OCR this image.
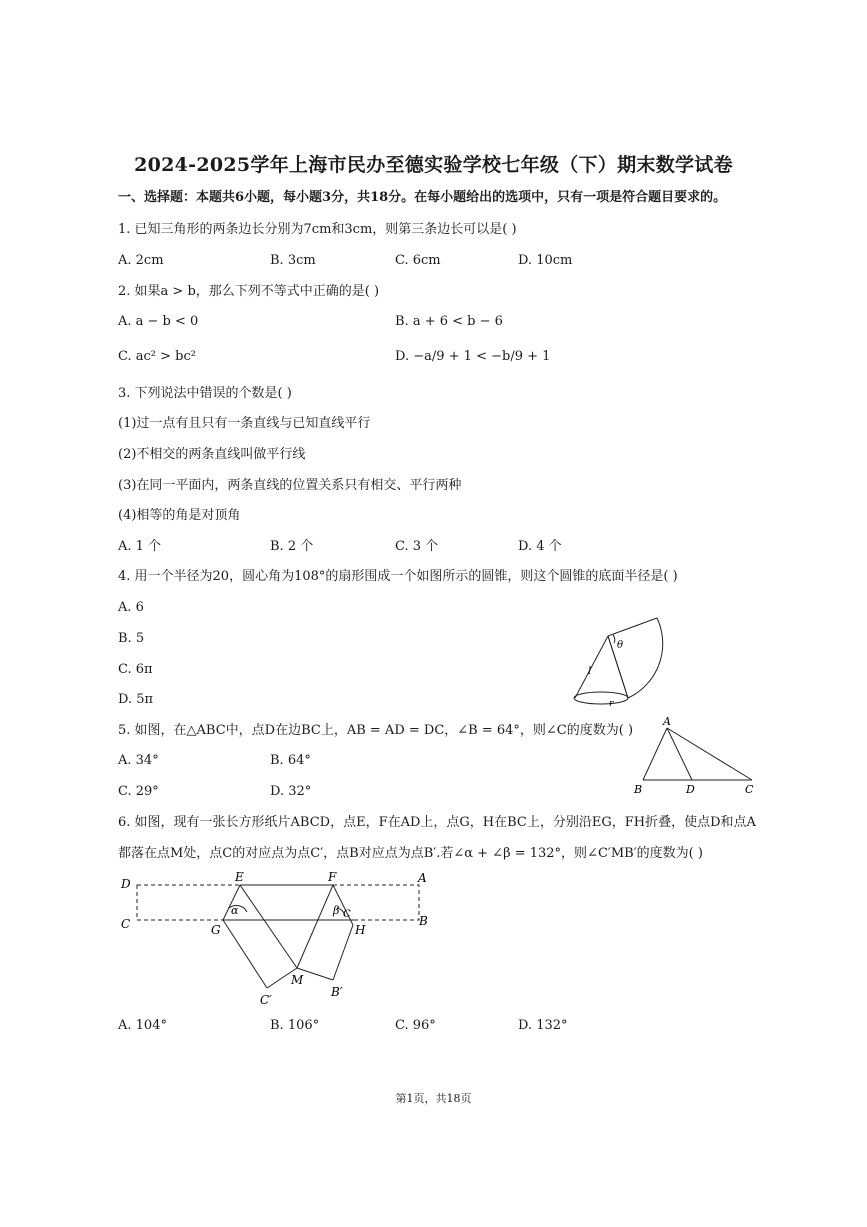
2024-2025学年上海市民办至德实验学校七年级（下）期末数学试卷
一、选择题：本题共6小题，每小题3分，共18分。在每小题给出的选项中，只有一项是符合题目要求的。
1. 已知三角形的两条边长分别为7cm和3cm，则第三条边长可以是( )
A. 2cm	B. 3cm	C. 6cm	D. 10cm
2. 如果a > b，那么下列不等式中正确的是( )
A. a − b < 0	B. a + 6 < b − 6
C. ac² > bc²	D. −a/9 + 1 < −b/9 + 1
3. 下列说法中错误的个数是( )
(1)过一点有且只有一条直线与已知直线平行
(2)不相交的两条直线叫做平行线
(3)在同一平面内，两条直线的位置关系只有相交、平行两种
(4)相等的角是对顶角
A. 1 个	B. 2 个	C. 3 个	D. 4 个
4. 用一个半径为20，圆心角为108°的扇形围成一个如图所示的圆锥，则这个圆锥的底面半径是( )
A. 6
B. 5
C. 6π
D. 5π
θ
l
r
5. 如图，在△ABC中，点D在边BC上，AB = AD = DC，∠B = 64°，则∠C的度数为( )
A. 34°	B. 64°
C. 29°	D. 32°
A
B	D	C
6. 如图，现有一张长方形纸片ABCD，点E，F在AD上，点G，H在BC上，分别沿EG，FH折叠，使点D和点A
都落在点M处，点C的对应点为点C′，点B对应点为点B′.若∠α + ∠β = 132°，则∠C′MB′的度数为( )
D	E	F	A
C	G	H
B
M
C′
B′
α	β C
A. 104°	B. 106°	C. 96°	D. 132°
第1页，共18页
